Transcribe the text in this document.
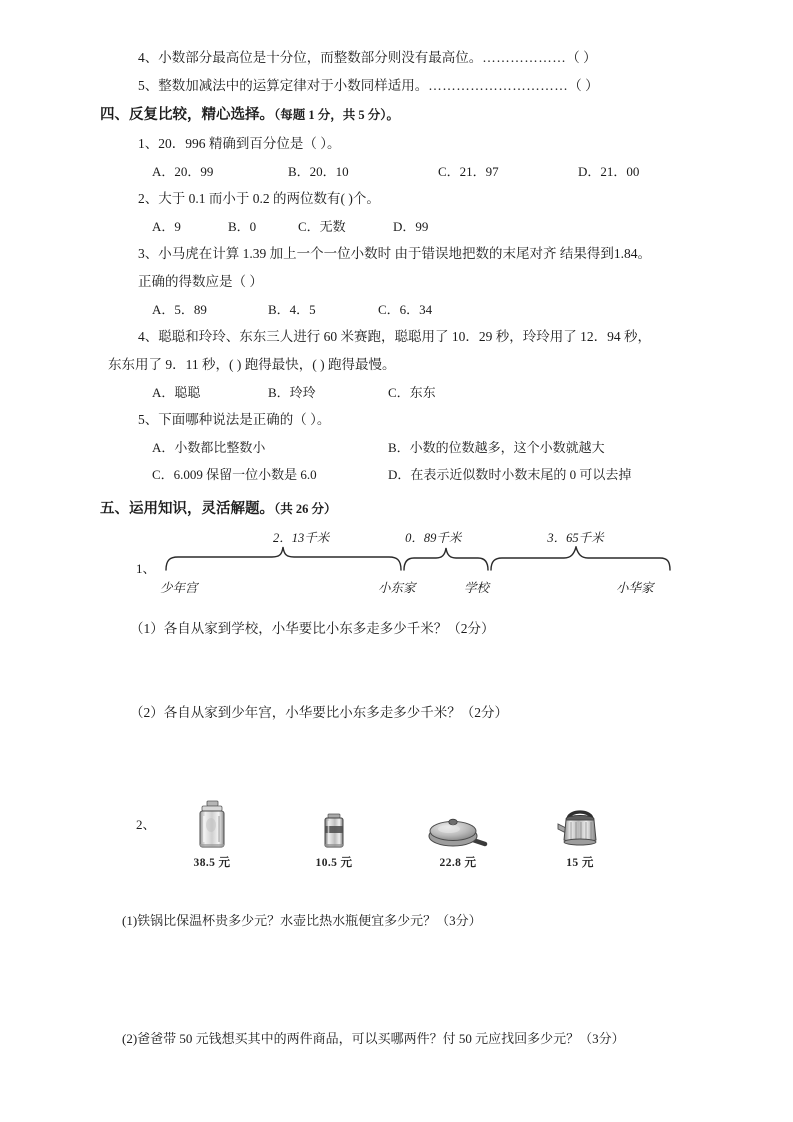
4、小数部分最高位是十分位，而整数部分则没有最高位。………………（ ）
5、整数加减法中的运算定律对于小数同样适用。…………………………（ ）
四、反复比较，精心选择。（每题 1 分，共 5 分）。
1、20．996 精确到百分位是（ ）。
A．20．99	B．20．10	C．21．97	D．21．00
2、大于 0.1 而小于 0.2 的两位数有( )个。
A．9	B．0	C．无数	D．99
3、小马虎在计算 1.39 加上一个一位小数时 由于错误地把数的末尾对齐 结果得到1.84。
正确的得数应是（ ）
A．5．89	B．4．5	C．6．34
4、聪聪和玲玲、东东三人进行 60 米赛跑，聪聪用了 10．29 秒，玲玲用了 12．94 秒，
东东用了 9．11 秒，( ) 跑得最快，( ) 跑得最慢。
A．聪聪	B．玲玲	C．东东
5、下面哪种说法是正确的（ ）。
A．小数都比整数小	B．小数的位数越多，这个小数就越大
C．6.009 保留一位小数是 6.0	D．在表示近似数时小数末尾的 0 可以去掉
五、运用知识，灵活解题。（共 26 分）
1、
2．13千米	0．89千米	3．65千米
少年宫	小东家	学校	小华家
（1）各自从家到学校，小华要比小东多走多少千米？（2分）
（2）各自从家到少年宫，小华要比小东多走多少千米？（2分）
2、
38.5 元	10.5 元	22.8 元	15 元
(1)铁锅比保温杯贵多少元？水壶比热水瓶便宜多少元？（3分）
(2)爸爸带 50 元钱想买其中的两件商品，可以买哪两件？付 50 元应找回多少元？（3分）
